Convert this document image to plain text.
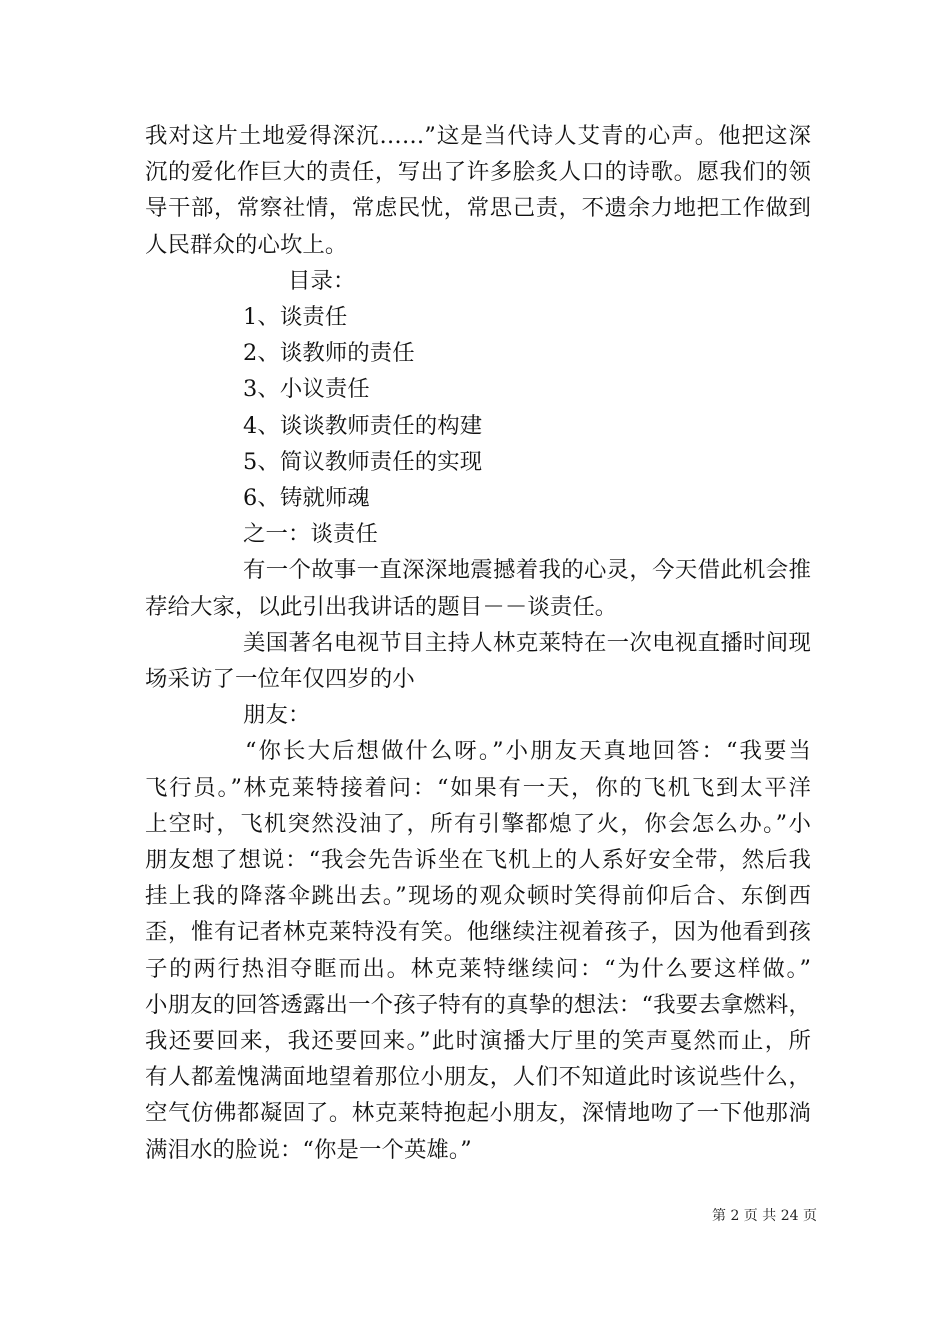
我对这片土地爱得深沉……”这是当代诗人艾青的心声。他把这深
沉的爱化作巨大的责任，写出了许多脍炙人口的诗歌。愿我们的领
导干部，常察社情，常虑民忧，常思己责，不遗余力地把工作做到
人民群众的心坎上。
目录：
1、谈责任
2、谈教师的责任
3、小议责任
4、谈谈教师责任的构建
5、简议教师责任的实现
6、铸就师魂
之一：谈责任
有一个故事一直深深地震撼着我的心灵，今天借此机会推
荐给大家，以此引出我讲话的题目－－谈责任。
美国著名电视节目主持人林克莱特在一次电视直播时间现
场采访了一位年仅四岁的小
朋友：
“你长大后想做什么呀。”小朋友天真地回答：“我要当
飞行员。”林克莱特接着问：“如果有一天，你的飞机飞到太平洋
上空时，飞机突然没油了，所有引擎都熄了火，你会怎么办。”小
朋友想了想说：“我会先告诉坐在飞机上的人系好安全带，然后我
挂上我的降落伞跳出去。”现场的观众顿时笑得前仰后合、东倒西
歪，惟有记者林克莱特没有笑。他继续注视着孩子，因为他看到孩
子的两行热泪夺眶而出。林克莱特继续问：“为什么要这样做。”
小朋友的回答透露出一个孩子特有的真挚的想法：“我要去拿燃料，
我还要回来，我还要回来。”此时演播大厅里的笑声戛然而止，所
有人都羞愧满面地望着那位小朋友，人们不知道此时该说些什么，
空气仿佛都凝固了。林克莱特抱起小朋友，深情地吻了一下他那淌
满泪水的脸说：“你是一个英雄。”
第 2 页 共 24 页
